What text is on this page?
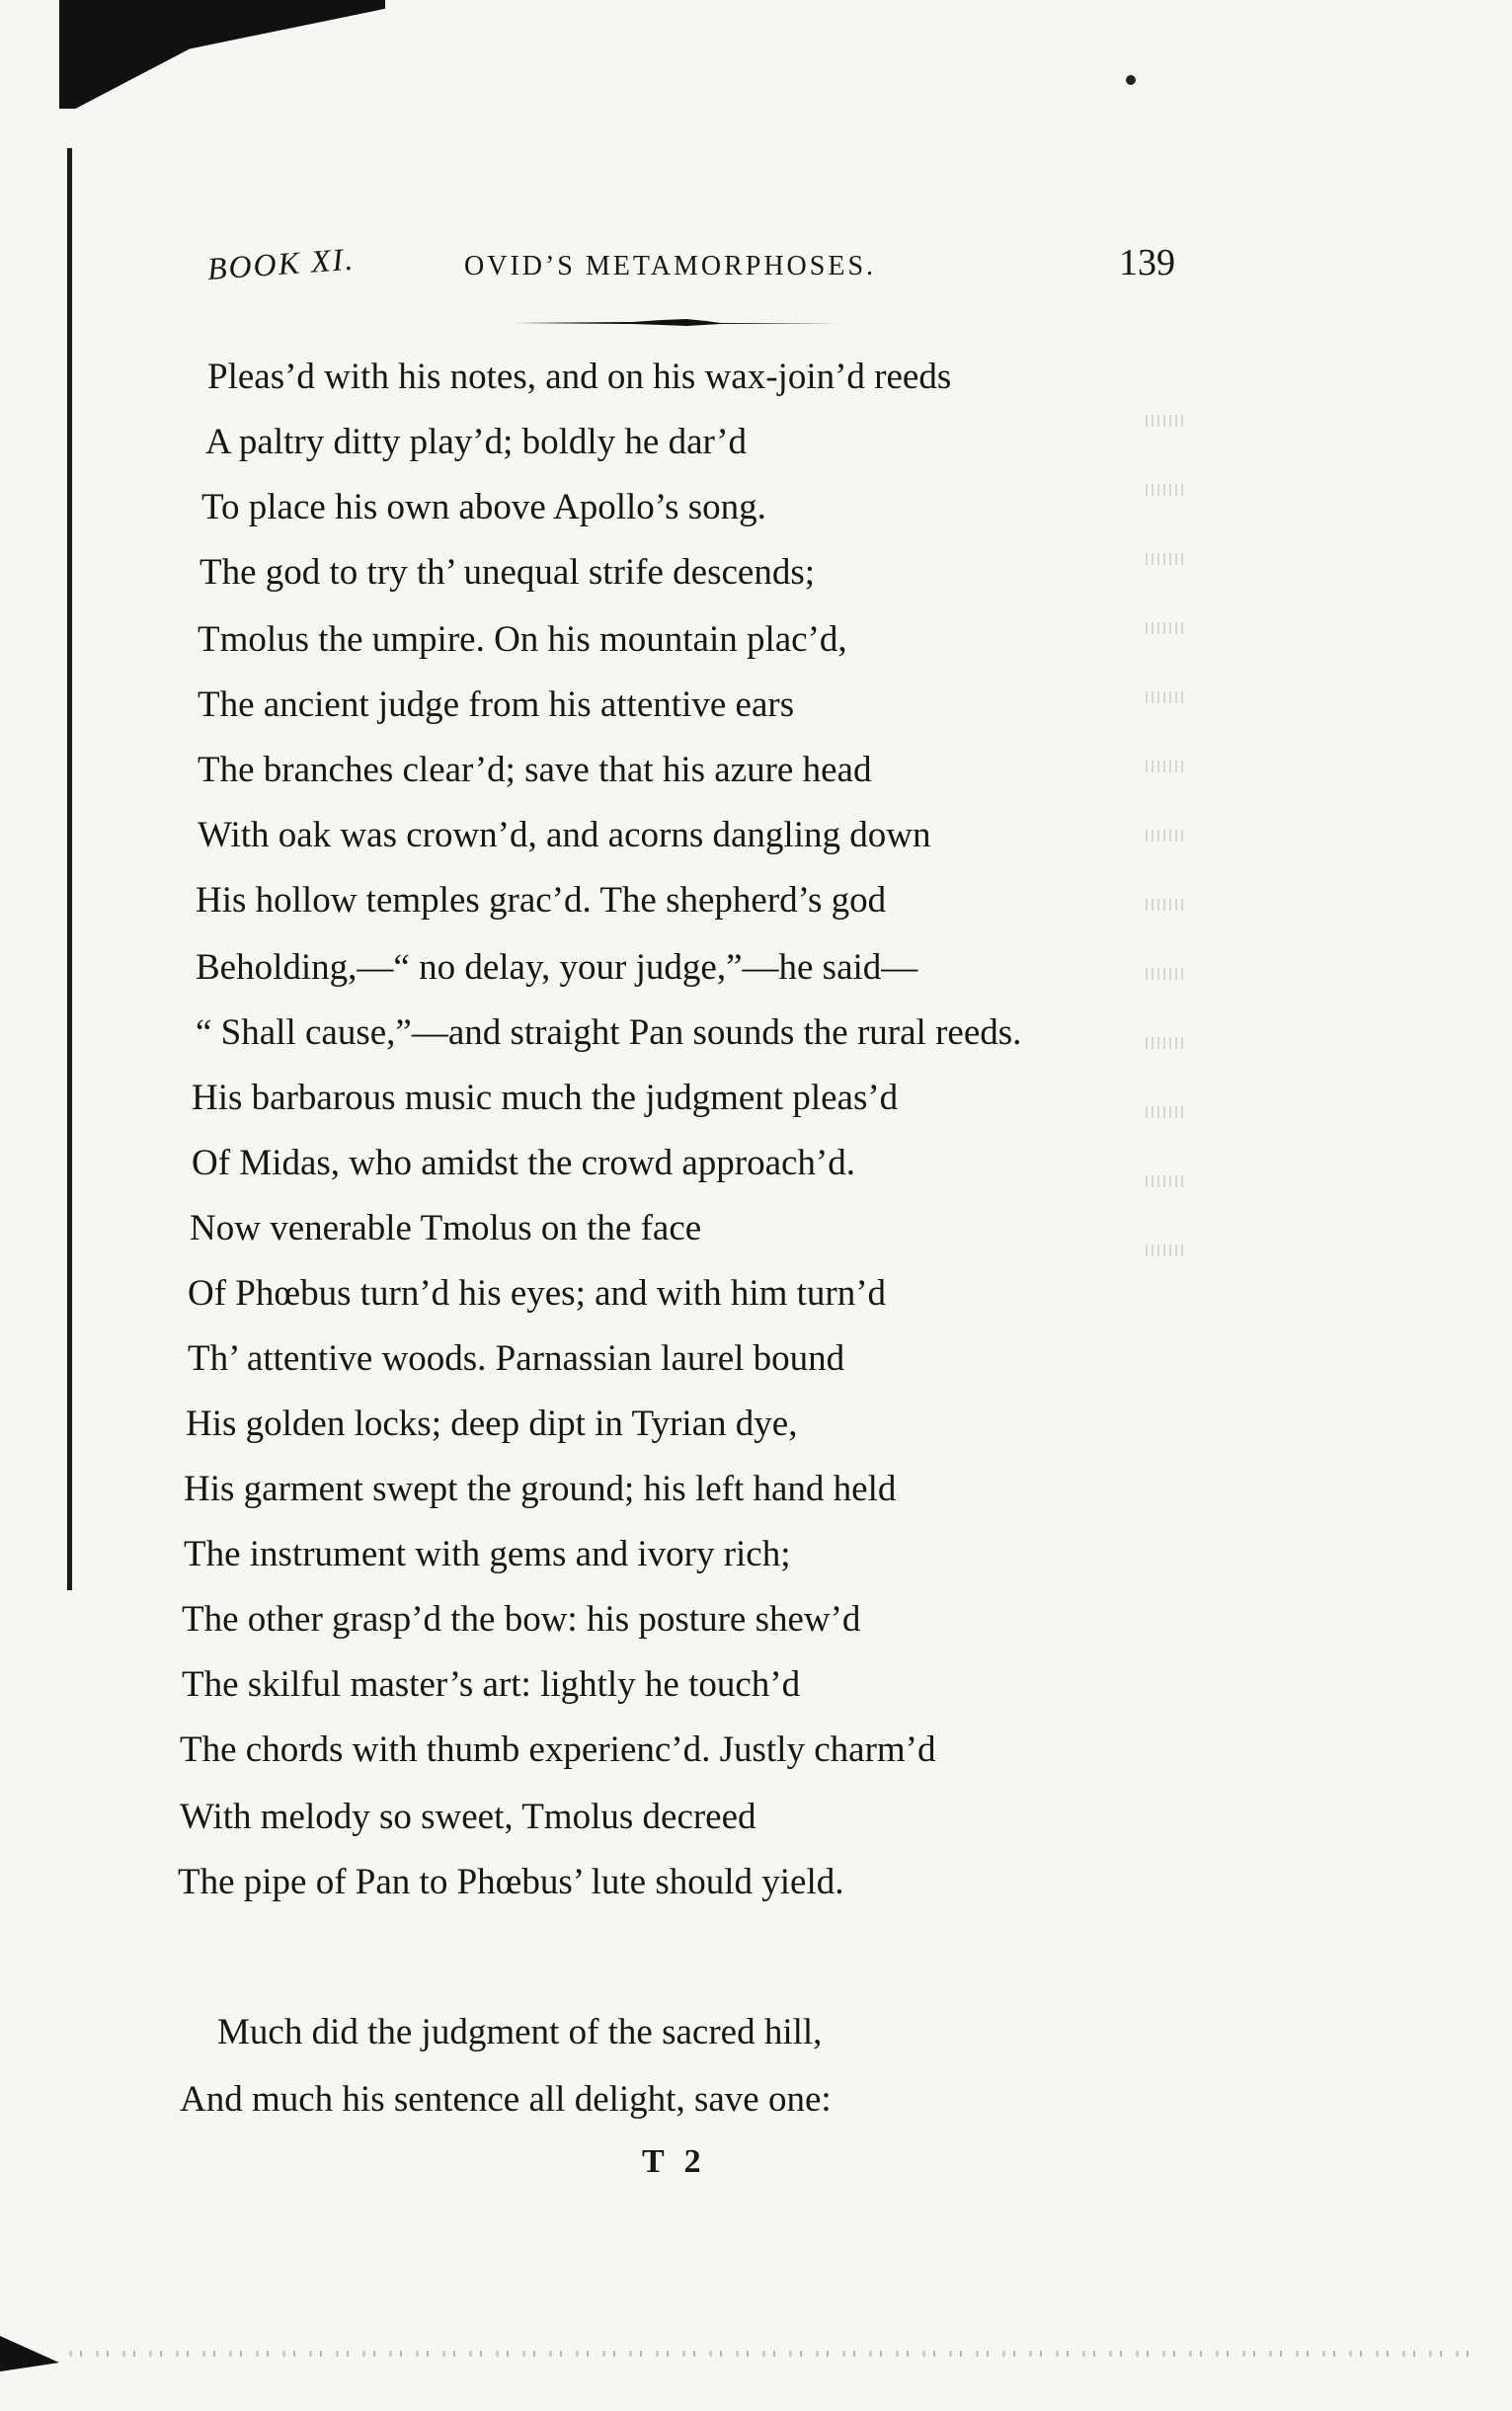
BOOK XI.	OVID’S METAMORPHOSES.	139
Pleas’d with his notes, and on his wax-join’d reeds
A paltry ditty play’d; boldly he dar’d
To place his own above Apollo’s song.
The god to try th’ unequal strife descends;
Tmolus the umpire. On his mountain plac’d,
The ancient judge from his attentive ears
The branches clear’d; save that his azure head
With oak was crown’d, and acorns dangling down
His hollow temples grac’d. The shepherd’s god
Beholding,—“ no delay, your judge,”—he said—
“ Shall cause,”—and straight Pan sounds the rural reeds.
His barbarous music much the judgment pleas’d
Of Midas, who amidst the crowd approach’d.
Now venerable Tmolus on the face
Of Phœbus turn’d his eyes; and with him turn’d
Th’ attentive woods. Parnassian laurel bound
His golden locks; deep dipt in Tyrian dye,
His garment swept the ground; his left hand held
The instrument with gems and ivory rich;
The other grasp’d the bow: his posture shew’d
The skilful master’s art: lightly he touch’d
The chords with thumb experienc’d. Justly charm’d
With melody so sweet, Tmolus decreed
The pipe of Pan to Phœbus’ lute should yield.
Much did the judgment of the sacred hill,
And much his sentence all delight, save one:
T 2
